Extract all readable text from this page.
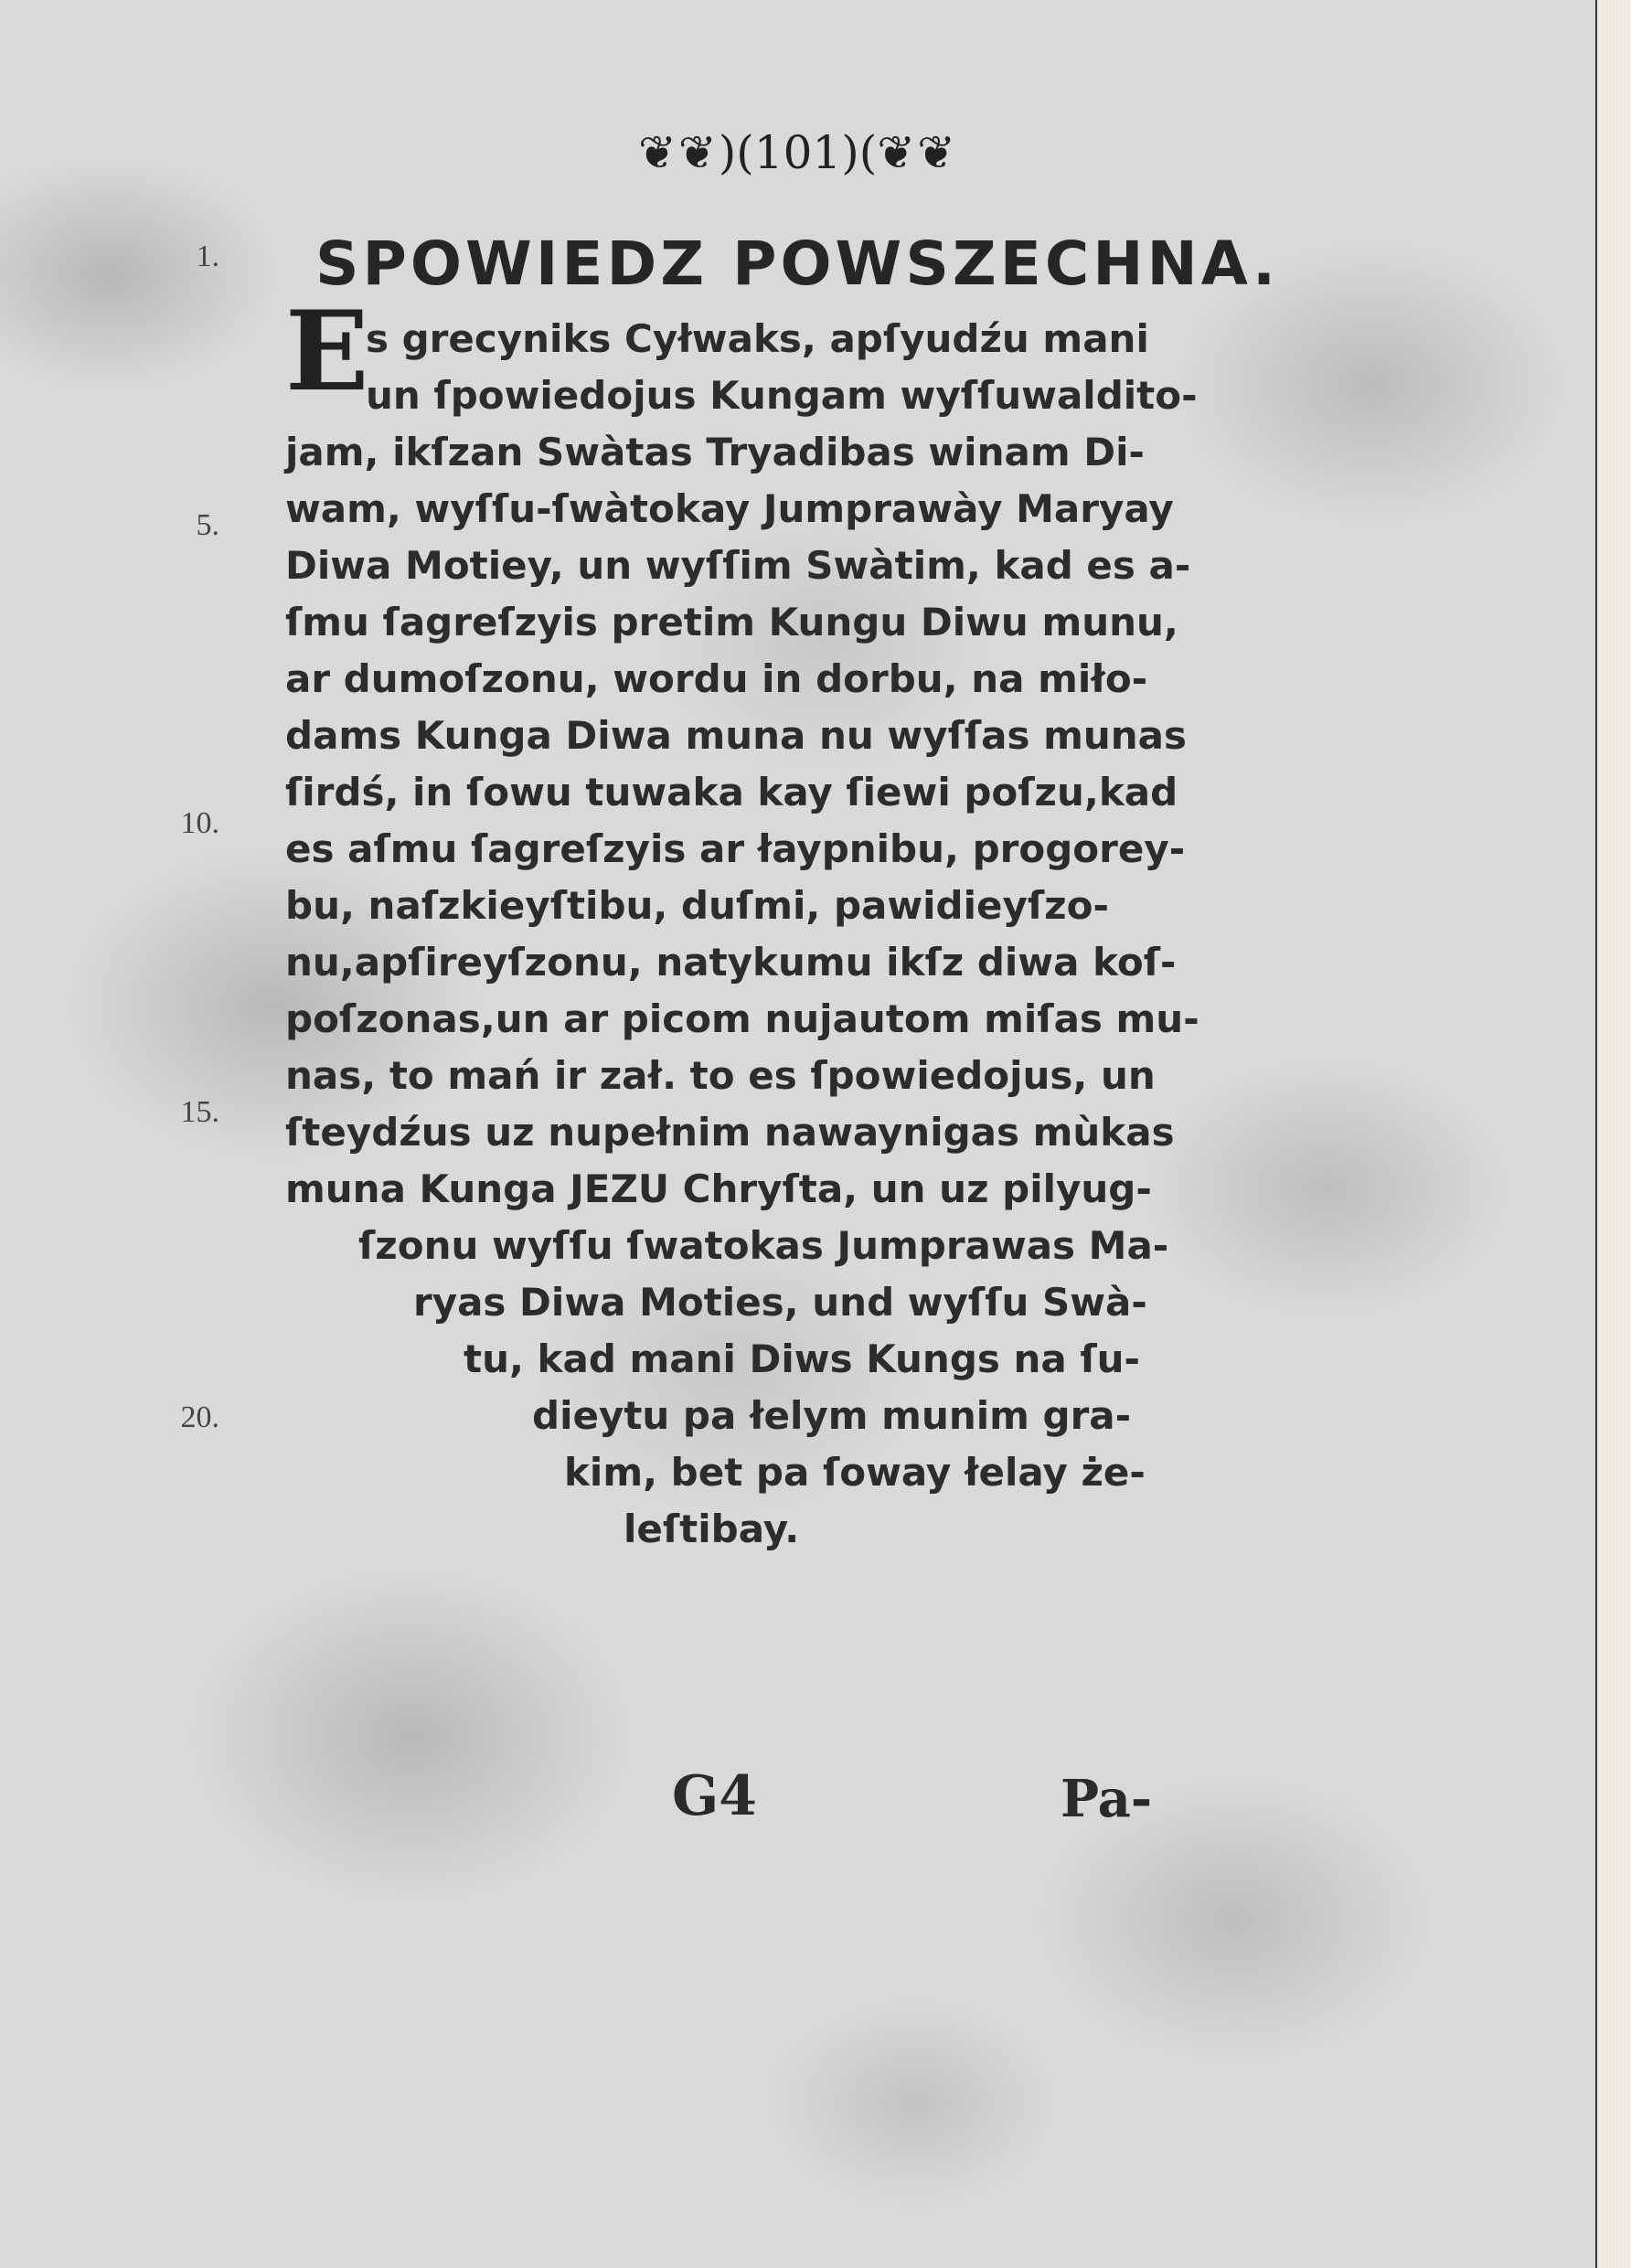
❦❦)(101)(❦❦
SPOWIEDZ POWSZECHNA.
E
s grecyniks Cyłwaks, apſyudźu mani
un ſpowiedojus Kungam wyſſuwaldito-
jam, ikſzan Swàtas Tryadibas winam Di-
wam, wyſſu-ſwàtokay Jumprawày Maryay
Diwa Motiey, un wyſſim Swàtim, kad es a-
ſmu ſagreſzyis pretim Kungu Diwu munu,
ar dumoſzonu, wordu in dorbu, na miło-
dams Kunga Diwa muna nu wyſſas munas
ſirdś, in ſowu tuwaka kay ſiewi poſzu,kad
es aſmu ſagreſzyis ar łaypnibu, progorey-
bu, naſzkieyſtibu, duſmi, pawidieyſzo-
nu,apſireyſzonu, natykumu ikſz diwa koſ-
poſzonas,un ar picom nujautom miſas mu-
nas, to mań ir zał. to es ſpowiedojus, un
ſteydźus uz nupełnim nawaynigas mùkas
muna Kunga JEZU Chryſta, un uz pilyug-
ſzonu wyſſu ſwatokas Jumprawas Ma-
ryas Diwa Moties, und wyſſu Swà-
tu, kad mani Diws Kungs na ſu-
dieytu pa łelym munim gra-
kim, bet pa ſoway łelay że-
leſtibay.
1.
5.
10.
15.
20.
G4	Pa-
